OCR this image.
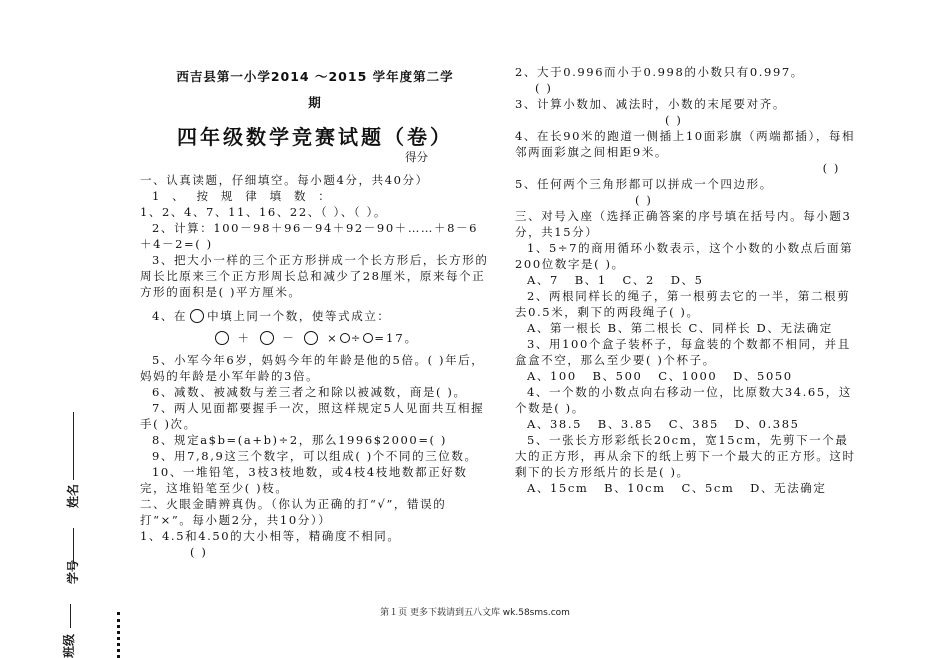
姓名
学号
班级
西吉县第一小学2014 ～2015 学年度第二学
期
四年级数学竞赛试题（卷）
得分

一、认真读题，仔细填空。每小题4分，共40分）

1 、 按 规 律 填 数 ：

1、2、4、7、11、16、22、（ ）、（ ）。

2、计算：100－98＋96－94＋92－90＋……＋8－6＋4－2=( )

3、把大小一样的三个正方形拼成一个长方形后，长方形的周长比原来三个正方形周长总和减少了28厘米，原来每个正方形的面积是( )平方厘米。

4、在 中填上同一个数，使等式成立：

＋	－	× ÷ =17。

5、小军今年6岁，妈妈今年的年龄是他的5倍。( )年后，妈妈的年龄是小军年龄的3倍。

6、减数、被减数与差三者之和除以被减数，商是( )。

7、两人见面都要握手一次，照这样规定5人见面共互相握手( )次。

8、规定a$b=(a+b)÷2，那么1996$2000=( )

9、用7,8,9这三个数字，可以组成( )个不同的三位数。

10、一堆铅笔，3枝3枝地数，或4枝4枝地数都正好数完，这堆铅笔至少( )枝。

二、火眼金睛辨真伪。（你认为正确的打“√”，错误的打“×”。每小题2分，共10分））

1、4.5和4.50的大小相等，精确度不相同。

( )

2、大于0.996而小于0.998的小数只有0.997。

( )

3、计算小数加、减法时，小数的末尾要对齐。

( )

4、在长90米的跑道一侧插上10面彩旗（两端都插），每相邻两面彩旗之间相距9米。

( )

5、任何两个三角形都可以拼成一个四边形。

( )

三、对号入座（选择正确答案的序号填在括号内。每小题3分，共15分）

1、5÷7的商用循环小数表示，这个小数的小数点后面第200位数字是( )。

A、7   B、1   C、2   D、5

2、两根同样长的绳子，第一根剪去它的一半，第二根剪去0.5米，剩下的两段绳子( )。

A、第一根长 B、第二根长 C、同样长 D、无法确定

3、用100个盒子装杯子，每盒装的个数都不相同，并且盒盒不空，那么至少要( )个杯子。

A、100   B、500   C、1000   D、5050

4、一个数的小数点向右移动一位，比原数大34.65，这个数是( )。

A、38.5   B、3.85   C、385   D、0.385

5、一张长方形彩纸长20cm，宽15cm，先剪下一个最大的正方形，再从余下的纸上剪下一个最大的正方形。这时剩下的长方形纸片的长是( )。

A、15cm   B、10cm   C、5cm   D、无法确定

第１页 更多下载请到五八文库 wk.58sms.com
